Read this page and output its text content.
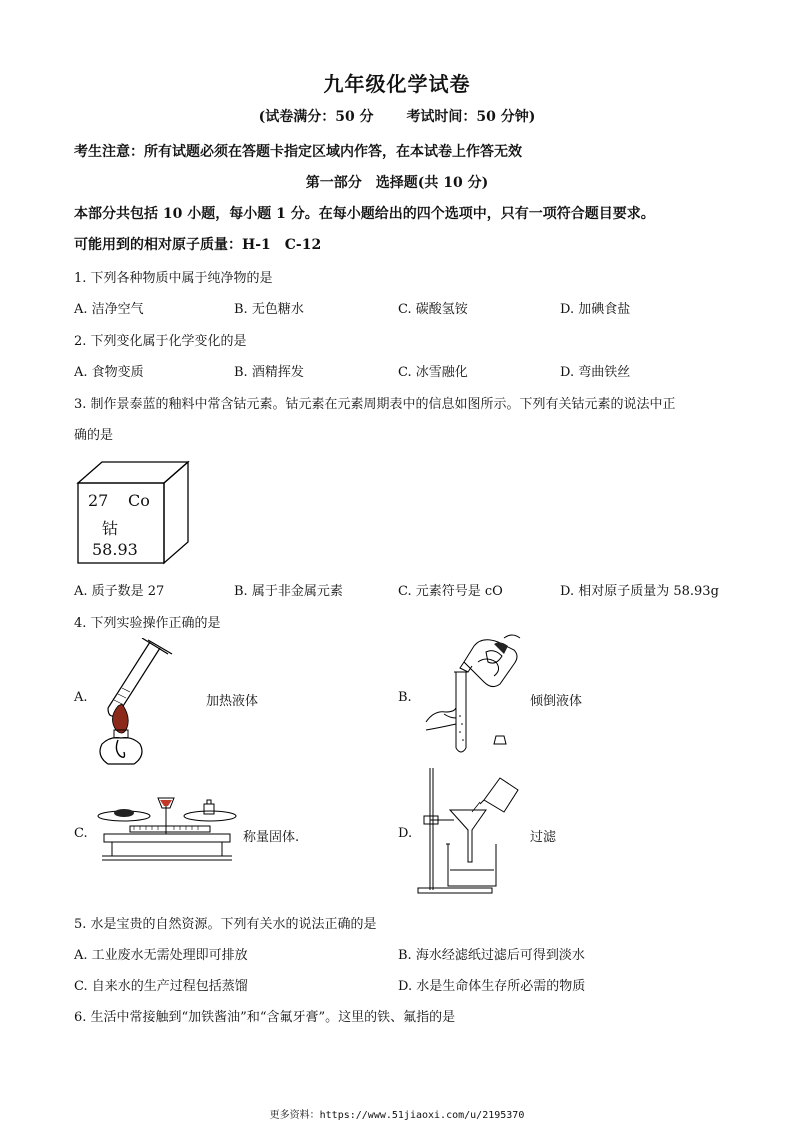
九年级化学试卷
(试卷满分：50 分 考试时间：50 分钟)
考生注意：所有试题必须在答题卡指定区域内作答，在本试卷上作答无效
第一部分　选择题(共 10 分)
本部分共包括 10 小题，每小题 1 分。在每小题给出的四个选项中，只有一项符合题目要求。
可能用到的相对原子质量：H-1　C-12
1. 下列各种物质中属于纯净物的是
A. 洁净空气	B. 无色糖水	C. 碳酸氢铵	D. 加碘食盐
2. 下列变化属于化学变化的是
A. 食物变质	B. 酒精挥发	C. 冰雪融化	D. 弯曲铁丝
3. 制作景泰蓝的釉料中常含钴元素。钴元素在元素周期表中的信息如图所示。下列有关钴元素的说法中正
确的是
27 Co
钴
58.93
A. 质子数是 27	B. 属于非金属元素	C. 元素符号是 cO	D. 相对原子质量为 58.93g
4. 下列实验操作正确的是
A.	加热液体	B.	倾倒液体
C.	称量固体.	D.	过滤
5. 水是宝贵的自然资源。下列有关水的说法正确的是
A. 工业废水无需处理即可排放	B. 海水经滤纸过滤后可得到淡水
C. 自来水的生产过程包括蒸馏	D. 水是生命体生存所必需的物质
6. 生活中常接触到“加铁酱油”和“含氟牙膏”。这里的铁、氟指的是
更多资料：https://www.51jiaoxi.com/u/2195370
